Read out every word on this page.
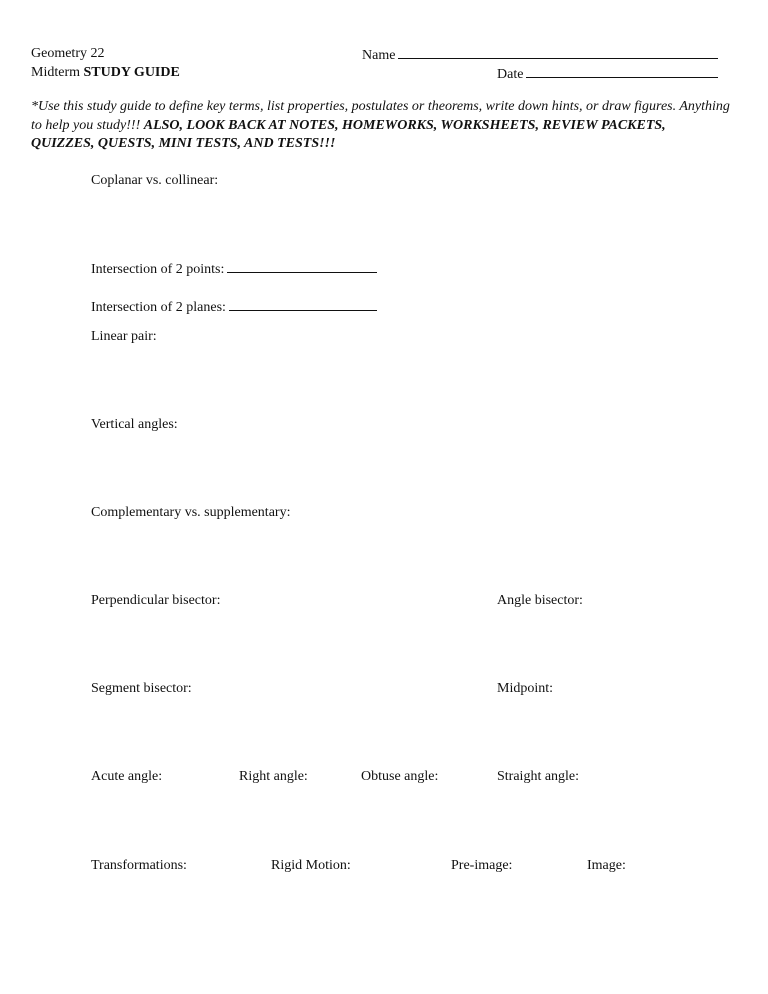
Geometry 22
Midterm STUDY GUIDE
Name
Date
*Use this study guide to define key terms, list properties, postulates or theorems, write down hints, or draw figures. Anything to help you study!!! ALSO, LOOK BACK AT NOTES, HOMEWORKS, WORKSHEETS, REVIEW PACKETS, QUIZZES, QUESTS, MINI TESTS, AND TESTS!!!
Coplanar vs. collinear:
Intersection of 2 points:
Intersection of 2 planes:
Linear pair:
Vertical angles:
Complementary vs. supplementary:
Perpendicular bisector:	Angle bisector:
Segment bisector:	Midpoint:
Acute angle:	Right angle:	Obtuse angle:	Straight angle:
Transformations:	Rigid Motion:	Pre-image:	Image:
